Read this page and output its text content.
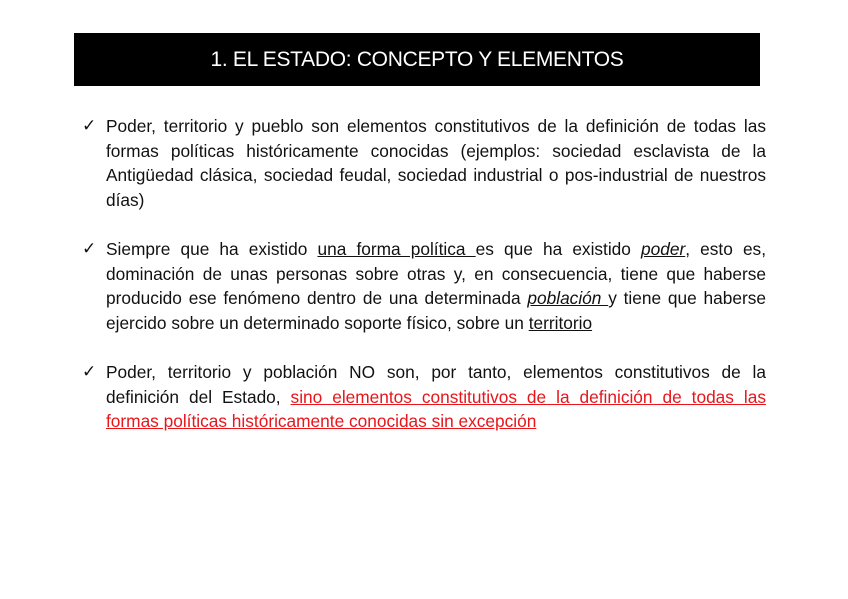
1. EL ESTADO: CONCEPTO Y ELEMENTOS
✓ Poder, territorio y pueblo son elementos constitutivos de la definición de todas las formas políticas históricamente conocidas (ejemplos: sociedad esclavista de la Antigüedad clásica, sociedad feudal, sociedad industrial o pos-industrial de nuestros días)
✓ Siempre que ha existido una forma política es que ha existido poder, esto es, dominación de unas personas sobre otras y, en consecuencia, tiene que haberse producido ese fenómeno dentro de una determinada población y tiene que haberse ejercido sobre un determinado soporte físico, sobre un territorio
✓ Poder, territorio y población NO son, por tanto, elementos constitutivos de la definición del Estado, sino elementos constitutivos de la definición de todas las formas políticas históricamente conocidas sin excepción
